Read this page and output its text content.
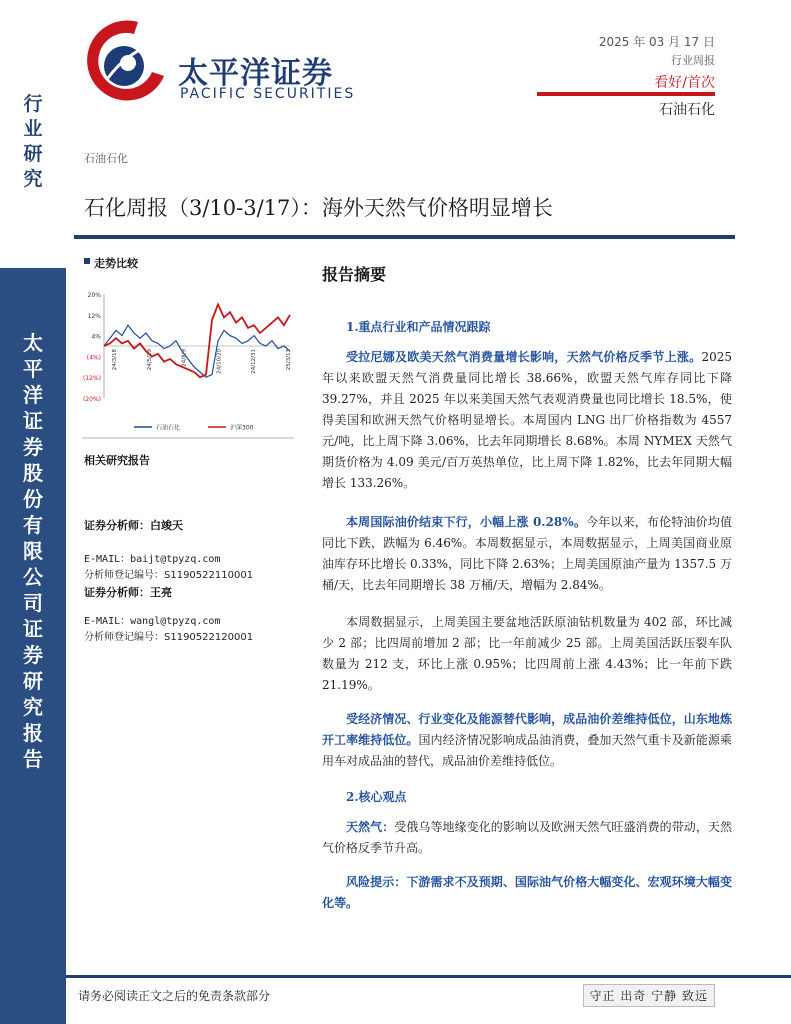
行
业
研
究
太
平
洋
证
券
股
份
有
限
公
司
证
券
研
究
报
告
太平洋证券
PACIFIC SECURITIES
2025 年 03 月 17 日
行业周报
看好/首次
石油石化
石油石化
石化周报（3/10-3/17）：海外天然气价格明显增长
走势比较
20%
12%
4%
(4%)
(12%)
(20%)
24/3/18	24/5/29	24/8/9	24/10/20	24/12/31	25/3/13
石油石化	沪深300
相关研究报告
证券分析师：白竣天
E-MAIL：baijt@tpyzq.com
分析师登记编号：S1190522110001
证券分析师：王亮
E-MAIL：wangl@tpyzq.com
分析师登记编号：S1190522120001
报告摘要
1.重点行业和产品情况跟踪
受拉尼娜及欧美天然气消费量增长影响，天然气价格反季节上涨。2025 年以来欧盟天然气消费量同比增长 38.66%，欧盟天然气库存同比下降 39.27%，并且 2025 年以来美国天然气表观消费量也同比增长 18.5%，使得美国和欧洲天然气价格明显增长。本周国内 LNG 出厂价格指数为 4557 元/吨，比上周下降 3.06%，比去年同期增长 8.68%。本周 NYMEX 天然气期货价格为 4.09 美元/百万英热单位，比上周下降 1.82%，比去年同期大幅增长 133.26%。
本周国际油价结束下行，小幅上涨 0.28%。今年以来，布伦特油价均值同比下跌，跌幅为 6.46%。本周数据显示，本周数据显示，上周美国商业原油库存环比增长 0.33%，同比下降 2.63%；上周美国原油产量为 1357.5 万桶/天，比去年同期增长 38 万桶/天，增幅为 2.84%。
本周数据显示，上周美国主要盆地活跃原油钻机数量为 402 部，环比减少 2 部；比四周前增加 2 部；比一年前减少 25 部。上周美国活跃压裂车队数量为 212 支，环比上涨 0.95%；比四周前上涨 4.43%；比一年前下跌 21.19%。
受经济情况、行业变化及能源替代影响，成品油价差维持低位，山东地炼开工率维持低位。国内经济情况影响成品油消费，叠加天然气重卡及新能源乘用车对成品油的替代，成品油价差维持低位。
2.核心观点
天然气：受俄乌等地缘变化的影响以及欧洲天然气旺盛消费的带动，天然气价格反季节升高。
风险提示：下游需求不及预期、国际油气价格大幅变化、宏观环境大幅变化等。
请务必阅读正文之后的免责条款部分	守正 出奇 宁静 致远
